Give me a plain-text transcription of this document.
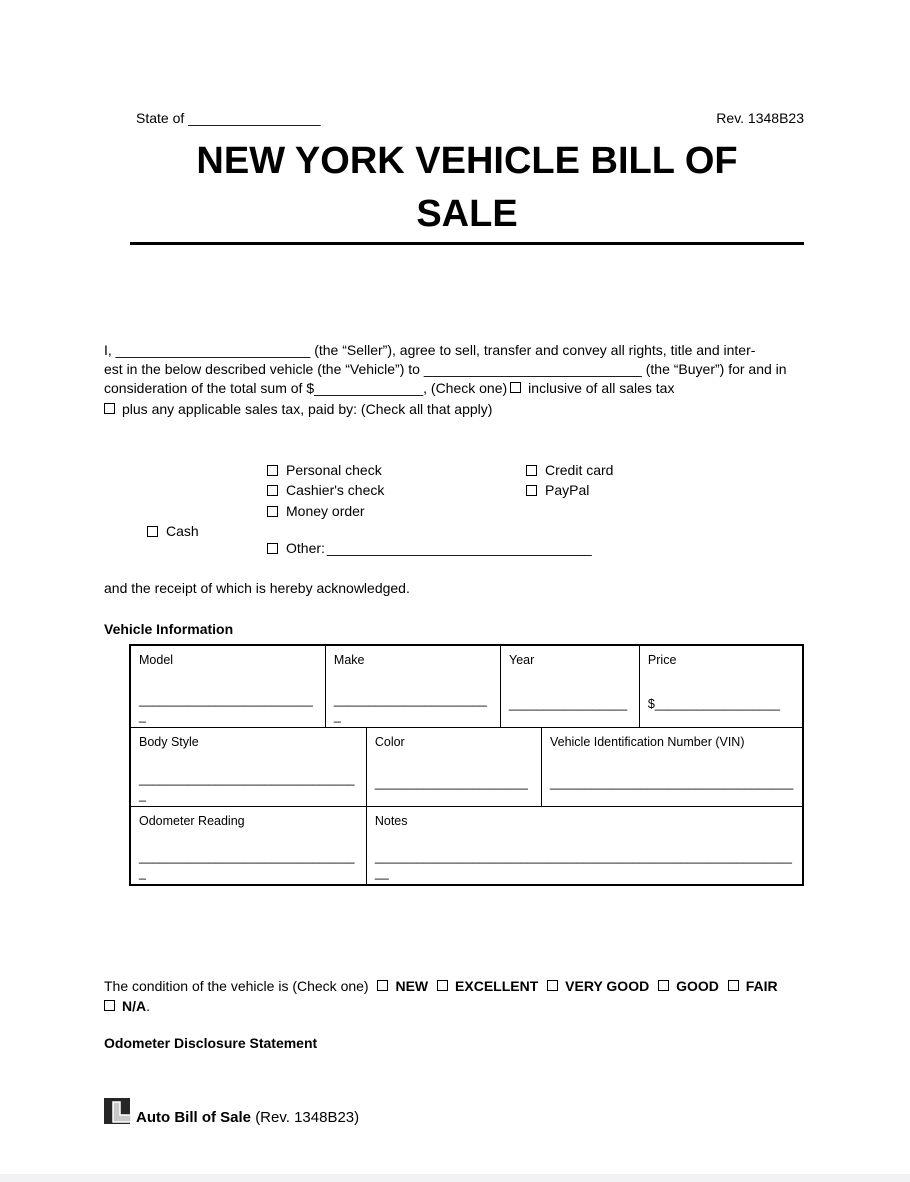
State of _________________	Rev. 1348B23
NEW YORK VEHICLE BILL OF
SALE
I, _________________________ (the “Seller”), agree to sell, transfer and convey all rights, title and inter-
est in the below described vehicle (the “Vehicle”) to ____________________________ (the “Buyer”) for and in
consideration of the total sum of $______________, (Check one) inclusive of all sales tax
plus any applicable sales tax, paid by: (Check all that apply)
Cash
Personal check
Cashier's check
Money order
Other: __________________________________
Credit card
PayPal
and the receipt of which is hereby acknowledged.
Vehicle Information
Model
_________________________
_
Make
______________________
_
Year
_________________
Price
$__________________
Body Style
_______________________________
_
Color
______________________
Vehicle Identification Number (VIN)
___________________________________
Odometer Reading
_______________________________
_
Notes
____________________________________________________________
__
The condition of the vehicle is (Check one) NEW EXCELLENT VERY GOOD GOOD FAIR
N/A.
Odometer Disclosure Statement
Auto Bill of Sale (Rev. 1348B23)
